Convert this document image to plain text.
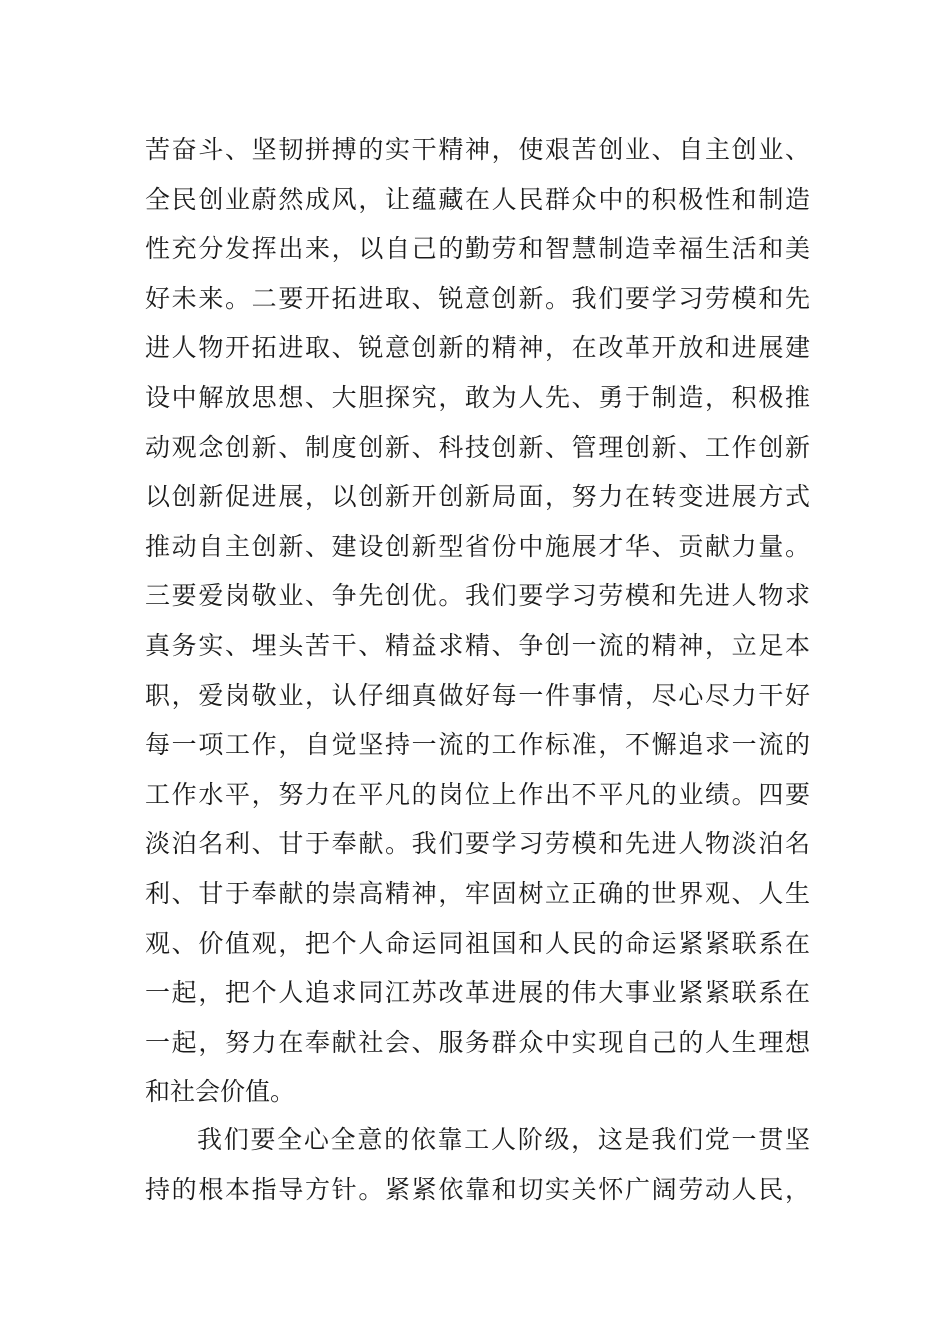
苦奋斗、坚韧拼搏的实干精神，使艰苦创业、自主创业、
全民创业蔚然成风，让蕴藏在人民群众中的积极性和制造
性充分发挥出来，以自己的勤劳和智慧制造幸福生活和美
好未来。二要开拓进取、锐意创新。我们要学习劳模和先
进人物开拓进取、锐意创新的精神，在改革开放和进展建
设中解放思想、大胆探究，敢为人先、勇于制造，积极推
动观念创新、制度创新、科技创新、管理创新、工作创新
以创新促进展，以创新开创新局面，努力在转变进展方式
推动自主创新、建设创新型省份中施展才华、贡献力量。
三要爱岗敬业、争先创优。我们要学习劳模和先进人物求
真务实、埋头苦干、精益求精、争创一流的精神，立足本
职，爱岗敬业，认仔细真做好每一件事情，尽心尽力干好
每一项工作，自觉坚持一流的工作标准，不懈追求一流的
工作水平，努力在平凡的岗位上作出不平凡的业绩。四要
淡泊名利、甘于奉献。我们要学习劳模和先进人物淡泊名
利、甘于奉献的崇高精神，牢固树立正确的世界观、人生
观、价值观，把个人命运同祖国和人民的命运紧紧联系在
一起，把个人追求同江苏改革进展的伟大事业紧紧联系在
一起，努力在奉献社会、服务群众中实现自己的人生理想
和社会价值。
我们要全心全意的依靠工人阶级，这是我们党一贯坚
持的根本指导方针。紧紧依靠和切实关怀广阔劳动人民，
